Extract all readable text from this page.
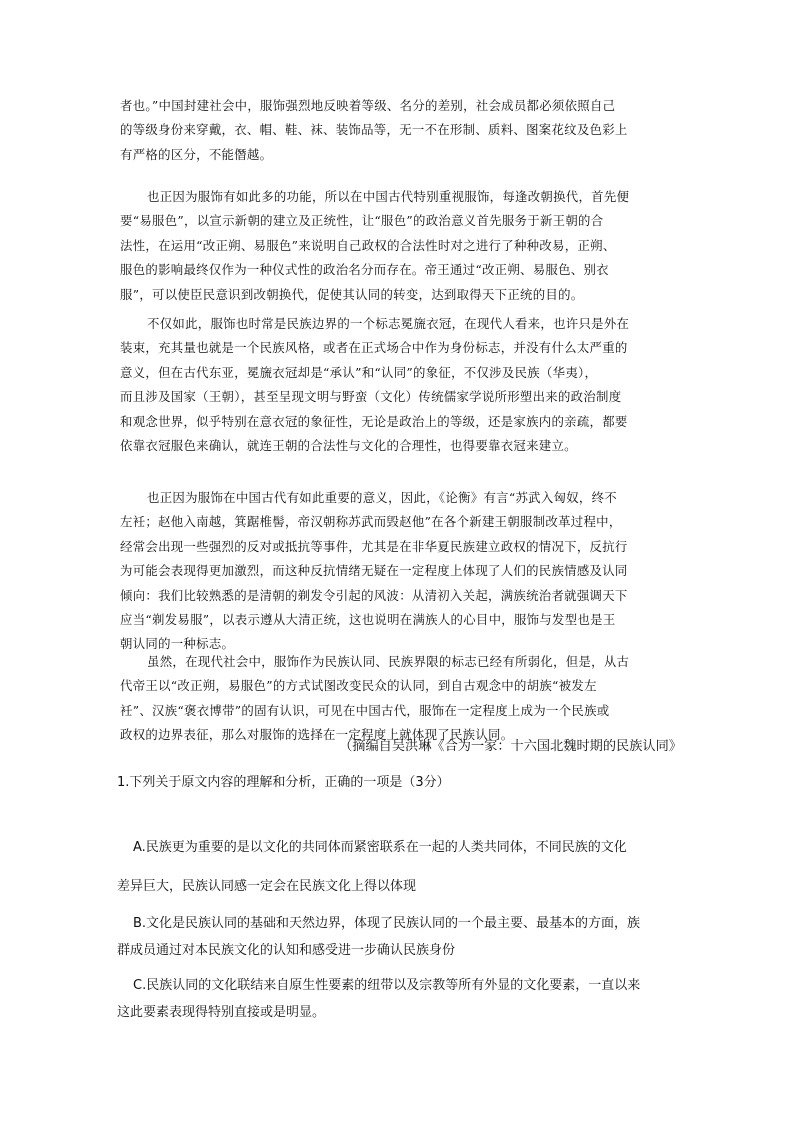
者也。”中国封建社会中，服饰强烈地反映着等级、名分的差别，社会成员都必须依照自己
的等级身份来穿戴，衣、帽、鞋、袜、装饰品等，无一不在形制、质料、图案花纹及色彩上
有严格的区分，不能僭越。

也正因为服饰有如此多的功能，所以在中国古代特别重视服饰，每逢改朝换代，首先便
要“易服色”，以宣示新朝的建立及正统性，让“服色”的政治意义首先服务于新王朝的合
法性，在运用“改正朔、易服色”来说明自己政权的合法性时对之进行了种种改易，正朔、
服色的影响最终仅作为一种仪式性的政治名分而存在。帝王通过“改正朔、易服色、别衣
服”，可以使臣民意识到改朝换代，促使其认同的转变，达到取得天下正统的目的。

不仅如此，服饰也时常是民族边界的一个标志冕旒衣冠，在现代人看来，也许只是外在
装束，充其量也就是一个民族风格，或者在正式场合中作为身份标志，并没有什么太严重的
意义，但在古代东亚，冕旒衣冠却是“承认”和“认同”的象征，不仅涉及民族（华夷），
而且涉及国家（王朝），甚至呈现文明与野蛮（文化）传统儒家学说所形塑出来的政治制度
和观念世界，似乎特别在意衣冠的象征性，无论是政治上的等级，还是家族内的亲疏，都要
依靠衣冠服色来确认，就连王朝的合法性与文化的合理性，也得要靠衣冠来建立。

也正因为服饰在中国古代有如此重要的意义，因此，《论衡》有言“苏武入匈奴，终不
左衽；赵他入南越，箕踞椎髻，帝汉朝称苏武而毁赵他”在各个新建王朝服制改革过程中，
经常会出现一些强烈的反对或抵抗等事件，尤其是在非华夏民族建立政权的情况下，反抗行
为可能会表现得更加激烈，而这种反抗情绪无疑在一定程度上体现了人们的民族情感及认同
倾向：我们比较熟悉的是清朝的剃发令引起的风波：从清初入关起，满族统治者就强调天下
应当“剃发易服”，以表示遵从大清正统，这也说明在满族人的心目中，服饰与发型也是王
朝认同的一种标志。

虽然，在现代社会中，服饰作为民族认同、民族界限的标志已经有所弱化，但是，从古
代帝王以“改正朔，易服色”的方式试图改变民众的认同，到自古观念中的胡族“被发左
衽”、汉族“褒衣博带”的固有认识，可见在中国古代，服饰在一定程度上成为一个民族或
政权的边界表征，那么对服饰的选择在一定程度上就体现了民族认同。

（摘编自吴洪琳《合为一家：十六国北魏时期的民族认同》
1.下列关于原文内容的理解和分析，正确的一项是（3分）

A.民族更为重要的是以文化的共同体而紧密联系在一起的人类共同体，不同民族的文化

差异巨大，民族认同感一定会在民族文化上得以体现

B.文化是民族认同的基础和天然边界，体现了民族认同的一个最主要、最基本的方面，族
群成员通过对本民族文化的认知和感受进一步确认民族身份

C.民族认同的文化联结来自原生性要素的纽带以及宗教等所有外显的文化要素，一直以来
这此要素表现得特别直接或是明显。
